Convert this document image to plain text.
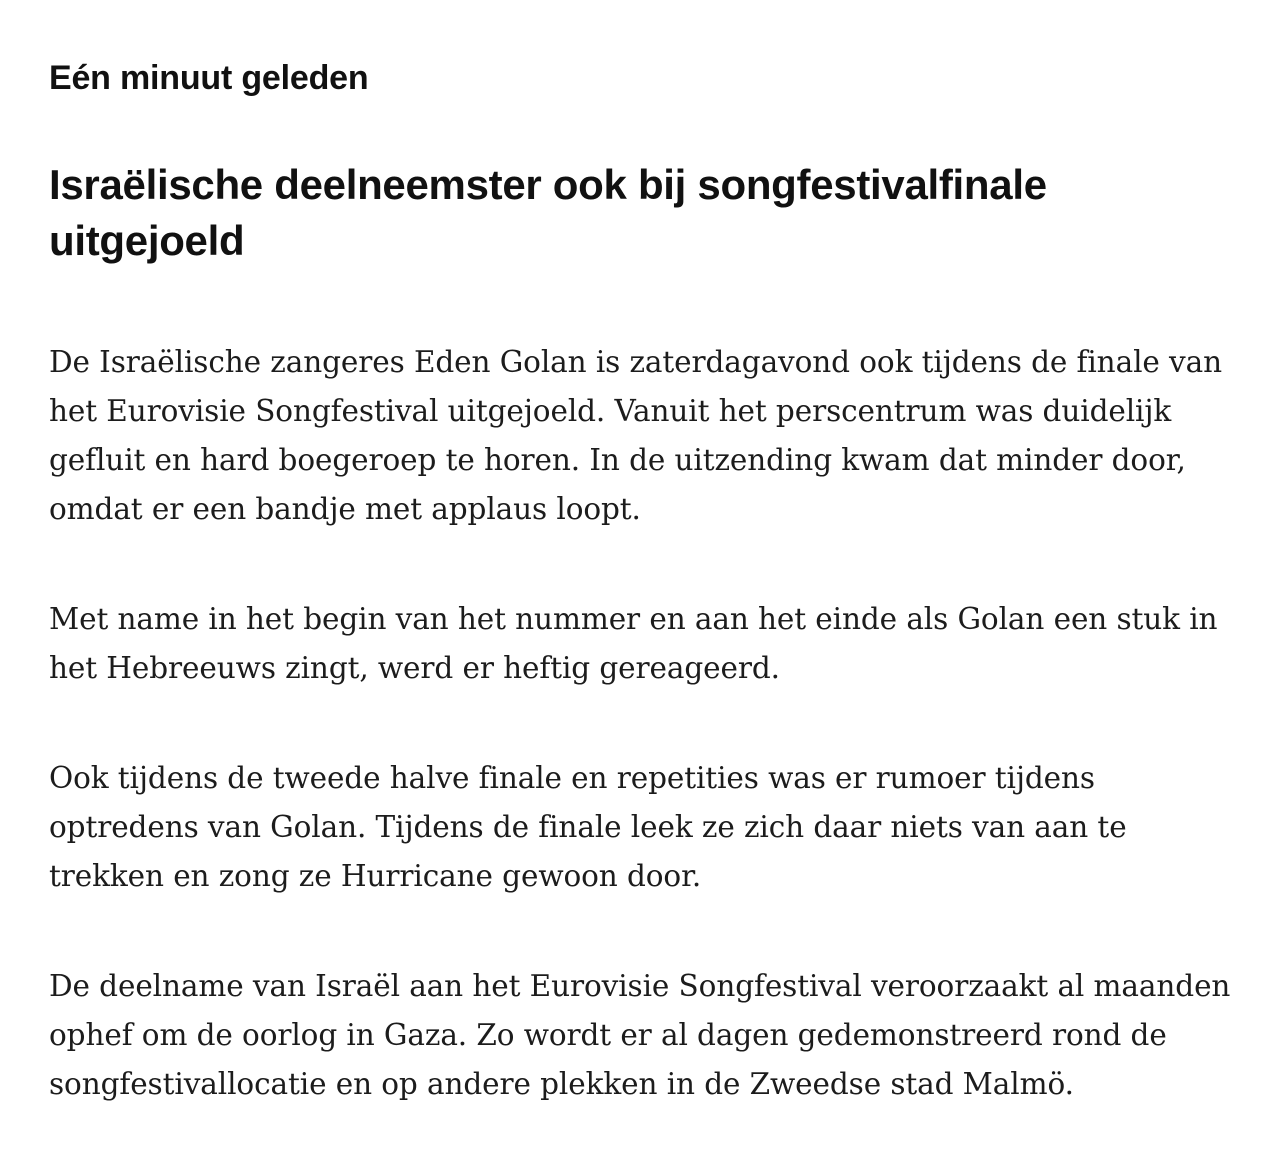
Eén minuut geleden

Israëlische deelneemster ook bij songfestivalfinale uitgejoeld

De Israëlische zangeres Eden Golan is zaterdagavond ook tijdens de finale van het Eurovisie Songfestival uitgejoeld. Vanuit het perscentrum was duidelijk gefluit en hard boegeroep te horen. In de uitzending kwam dat minder door, omdat er een bandje met applaus loopt.

Met name in het begin van het nummer en aan het einde als Golan een stuk in het Hebreeuws zingt, werd er heftig gereageerd.

Ook tijdens de tweede halve finale en repetities was er rumoer tijdens optredens van Golan. Tijdens de finale leek ze zich daar niets van aan te trekken en zong ze Hurricane gewoon door.

De deelname van Israël aan het Eurovisie Songfestival veroorzaakt al maanden ophef om de oorlog in Gaza. Zo wordt er al dagen gedemonstreerd rond de songfestivallocatie en op andere plekken in de Zweedse stad Malmö.
